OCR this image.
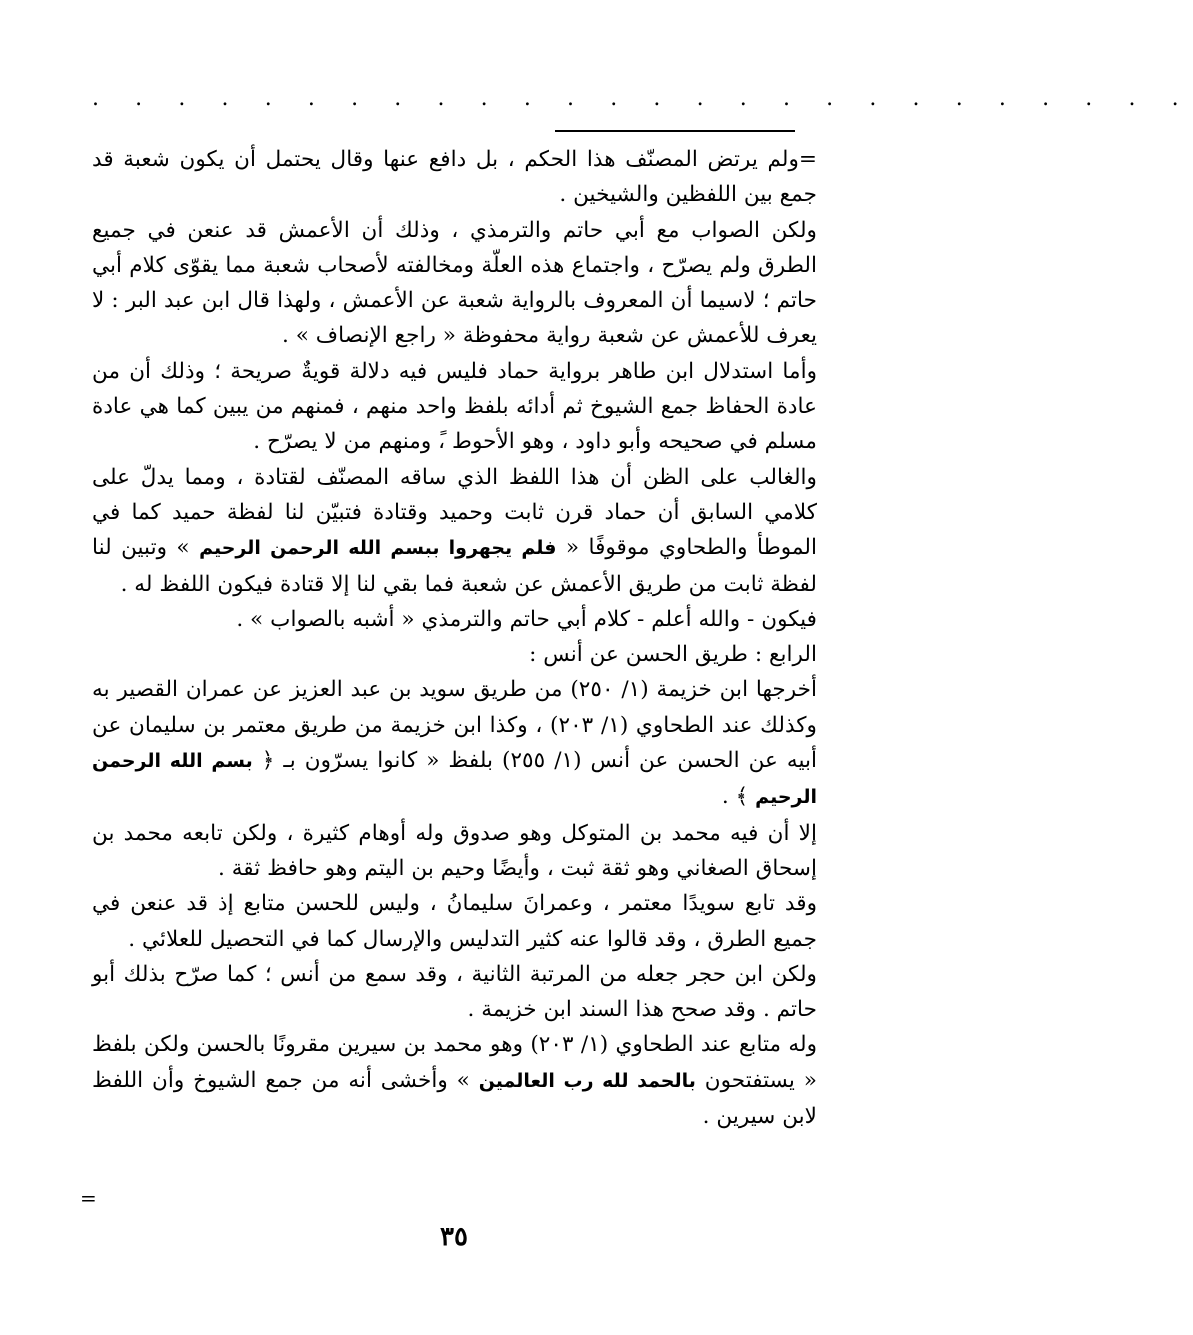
. . . . . . . . . . . . . . . . . . . . . . . . . .

=ولم يرتض المصنّف هذا الحكم ، بل دافع عنها وقال يحتمل أن يكون شعبة قد جمع بين اللفظين والشيخين .

ولكن الصواب مع أبي حاتم والترمذي ، وذلك أن الأعمش قد عنعن في جميع الطرق ولم يصرّح ، واجتماع هذه العلّة ومخالفته لأصحاب شعبة مما يقوّى كلام أبي حاتم ؛ لاسيما أن المعروف بالرواية شعبة عن الأعمش ، ولهذا قال ابن عبد البر : لا يعرف للأعمش عن شعبة رواية محفوظة « راجع الإنصاف » .

وأما استدلال ابن طاهر برواية حماد فليس فيه دلالة قويةٌ صريحة ؛ وذلك أن من عادة الحفاظ جمع الشيوخ ثم أدائه بلفظ واحد منهم ، فمنهم من يبين كما هي عادة مسلم في صحيحه وأبو داود ، وهو الأحوط ،ً ومنهم من لا يصرّح .

والغالب على الظن أن هذا اللفظ الذي ساقه المصنّف لقتادة ، ومما يدلّ على كلامي السابق أن حماد قرن ثابت وحميد وقتادة فتبيّن لنا لفظة حميد كما في الموطأ والطحاوي موقوفًا « فلم يجهروا ببسم الله الرحمن الرحيم » وتبين لنا لفظة ثابت من طريق الأعمش عن شعبة فما بقي لنا إلا قتادة فيكون اللفظ له .

فيكون - والله أعلم - كلام أبي حاتم والترمذي « أشبه بالصواب » .

الرابع : طريق الحسن عن أنس :

أخرجها ابن خزيمة (١/ ٢٥٠) من طريق سويد بن عبد العزيز عن عمران القصير به وكذلك عند الطحاوي (١/ ٢٠٣) ، وكذا ابن خزيمة من طريق معتمر بن سليمان عن أبيه عن الحسن عن أنس (١/ ٢٥٥) بلفظ « كانوا يسرّون بـ ﴿ بسم الله الرحمن الرحيم ﴾ .

إلا أن فيه محمد بن المتوكل وهو صدوق وله أوهام كثيرة ، ولكن تابعه محمد بن إسحاق الصغاني وهو ثقة ثبت ، وأيضًا وحيم بن اليتم وهو حافظ ثقة .

وقد تابع سويدًا معتمر ، وعمرانَ سليمانُ ، وليس للحسن متابع إذ قد عنعن في جميع الطرق ، وقد قالوا عنه كثير التدليس والإرسال كما في التحصيل للعلائي .

ولكن ابن حجر جعله من المرتبة الثانية ، وقد سمع من أنس ؛ كما صرّح بذلك أبو حاتم . وقد صحح هذا السند ابن خزيمة .

وله متابع عند الطحاوي (١/ ٢٠٣) وهو محمد بن سيرين مقرونًا بالحسن ولكن بلفظ « يستفتحون بالحمد لله رب العالمين » وأخشى أنه من جمع الشيوخ وأن اللفظ لابن سيرين .

=
٣٥
